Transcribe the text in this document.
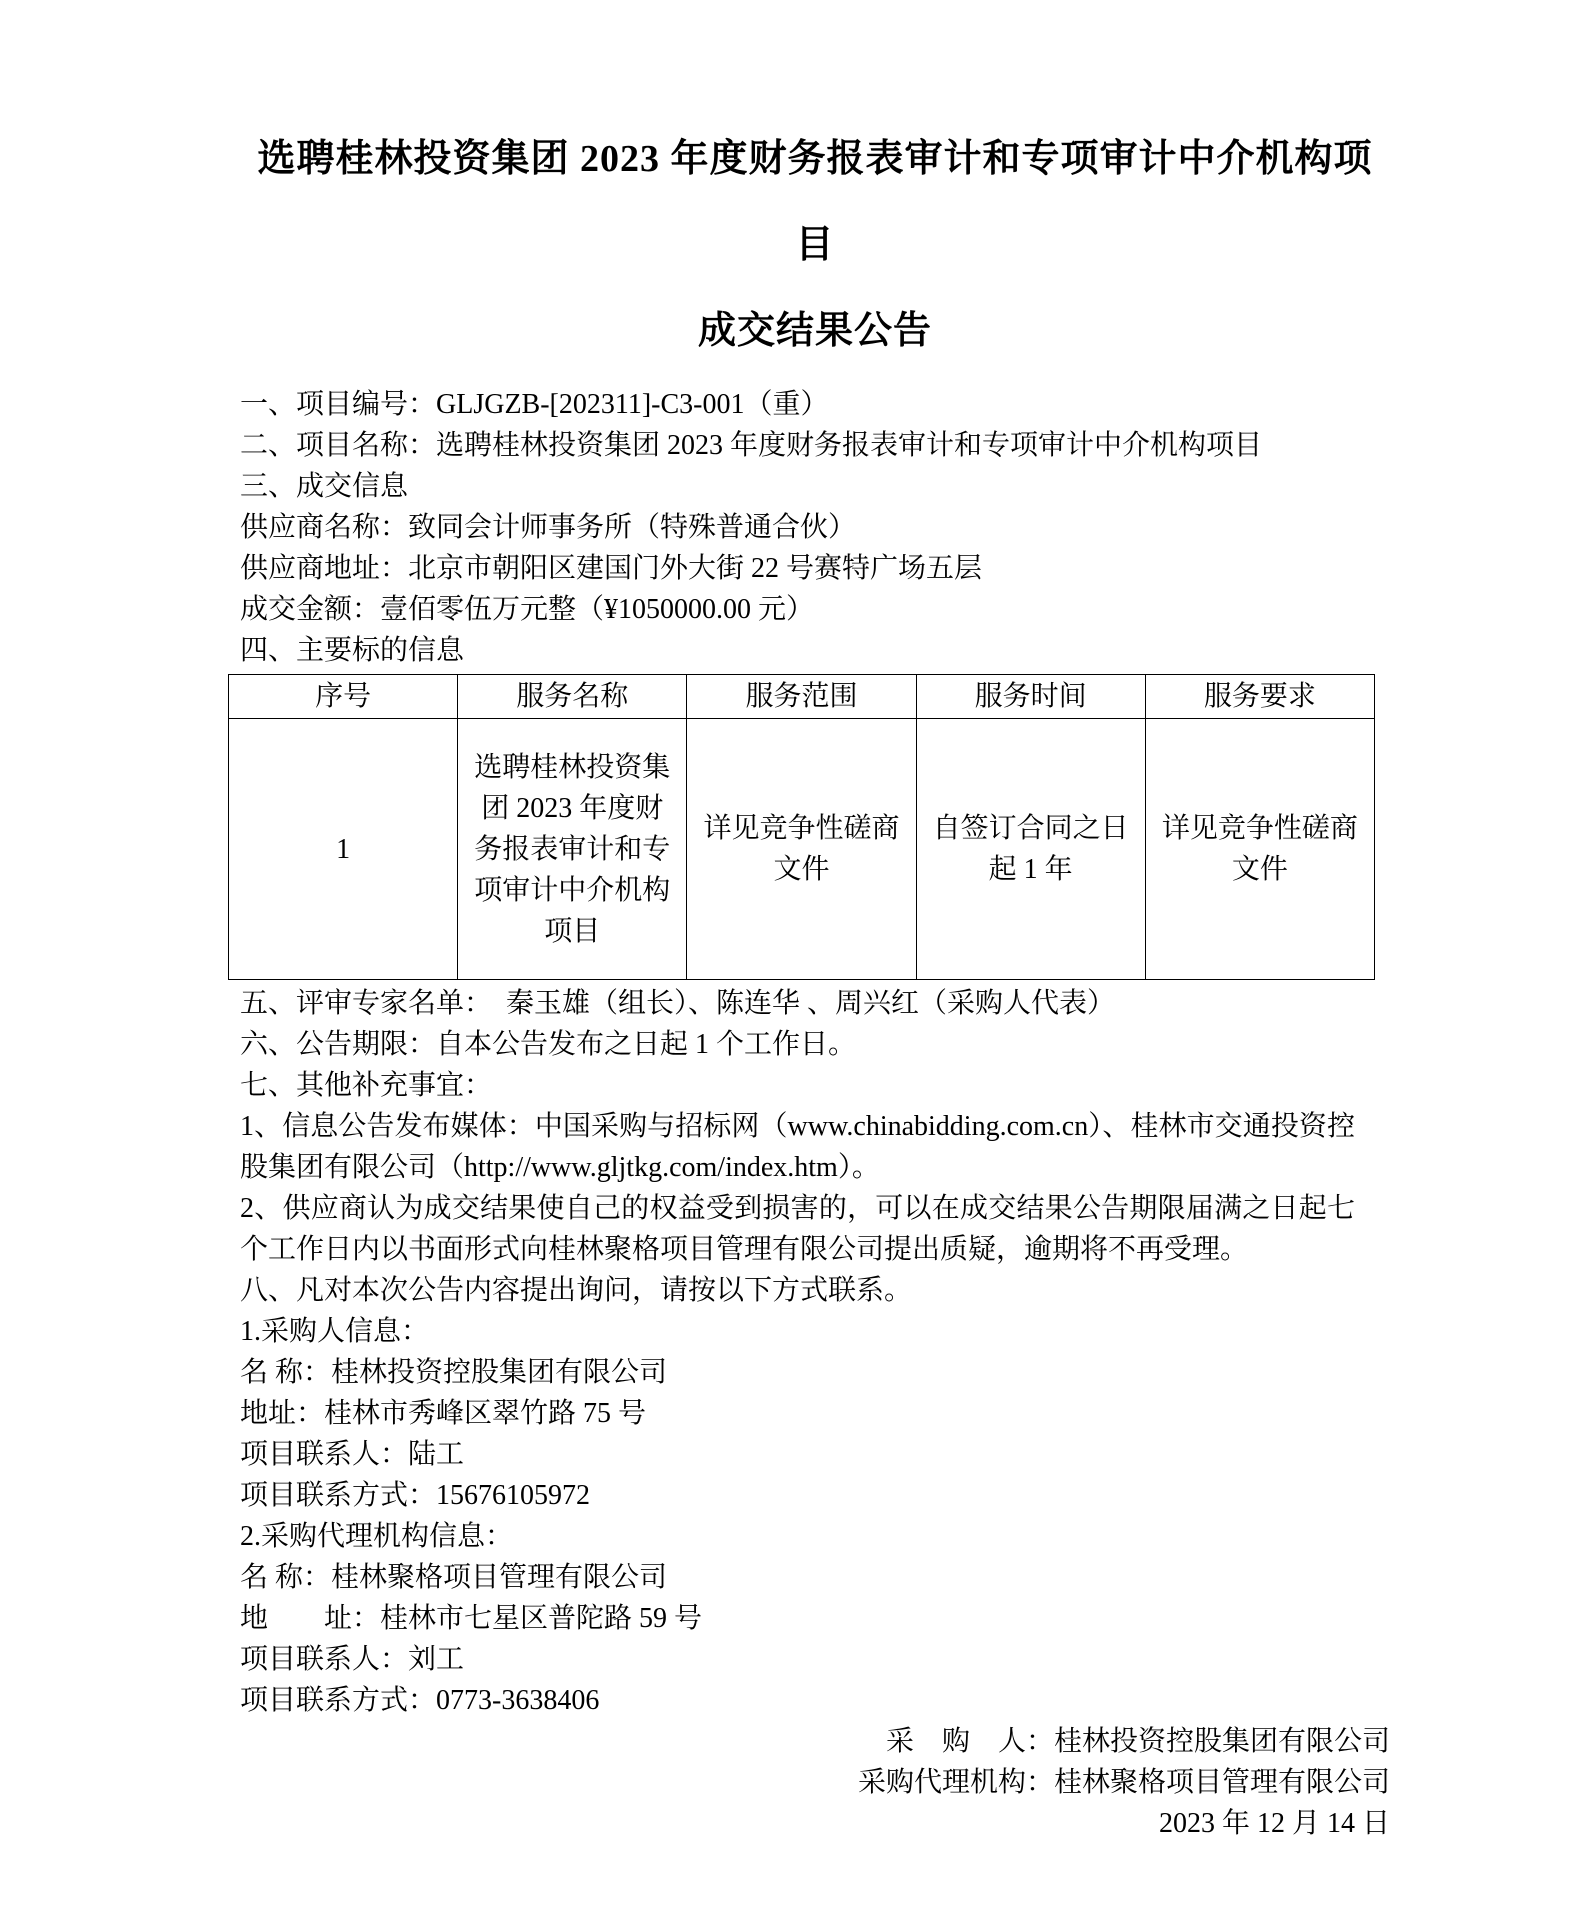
选聘桂林投资集团 2023 年度财务报表审计和专项审计中介机构项目
成交结果公告

一、项目编号：GLJGZB-[202311]-C3-001（重）

二、项目名称：选聘桂林投资集团 2023 年度财务报表审计和专项审计中介机构项目

三、成交信息

供应商名称：致同会计师事务所（特殊普通合伙）

供应商地址：北京市朝阳区建国门外大街 22 号赛特广场五层

成交金额：壹佰零伍万元整（¥1050000.00 元）

四、主要标的信息

序号	服务名称	服务范围	服务时间	服务要求
1	选聘桂林投资集团 2023 年度财务报表审计和专项审计中介机构项目	详见竞争性磋商文件	自签订合同之日起 1 年	详见竞争性磋商文件

五、评审专家名单： 秦玉雄（组长）、陈连华 、周兴红（采购人代表）

六、公告期限：自本公告发布之日起 1 个工作日。

七、其他补充事宜：

1、信息公告发布媒体：中国采购与招标网（www.chinabidding.com.cn）、桂林市交通投资控股集团有限公司（http://www.gljtkg.com/index.htm）。

2、供应商认为成交结果使自己的权益受到损害的，可以在成交结果公告期限届满之日起七个工作日内以书面形式向桂林聚格项目管理有限公司提出质疑，逾期将不再受理。

八、凡对本次公告内容提出询问，请按以下方式联系。

1.采购人信息：

名 称：桂林投资控股集团有限公司

地址：桂林市秀峰区翠竹路 75 号

项目联系人：陆工

项目联系方式：15676105972

2.采购代理机构信息：

名 称：桂林聚格项目管理有限公司

地　　址：桂林市七星区普陀路 59 号

项目联系人：刘工

项目联系方式：0773-3638406

采　购　人：桂林投资控股集团有限公司

采购代理机构：桂林聚格项目管理有限公司

2023 年 12 月 14 日
